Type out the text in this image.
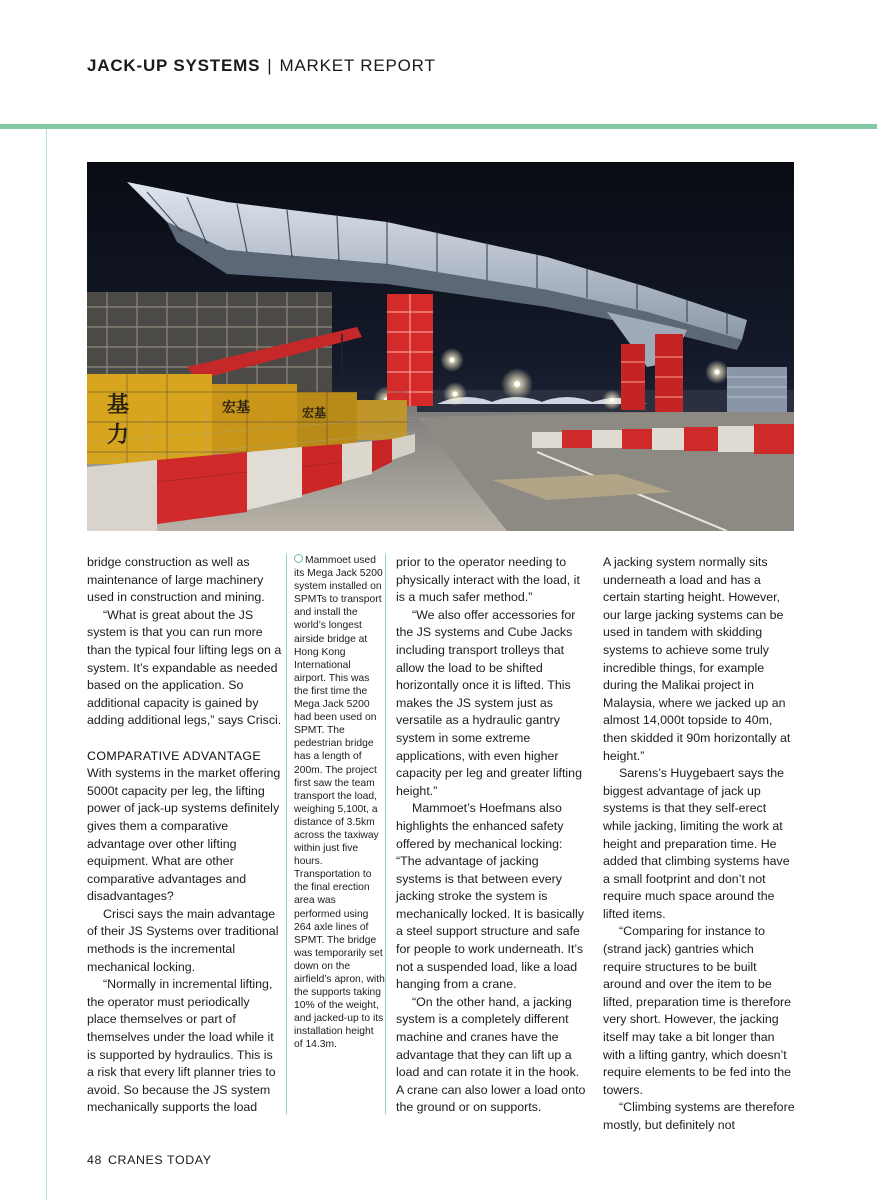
JACK-UP SYSTEMS | MARKET REPORT
基
力
宏基	宏基

bridge construction as well as maintenance of large machinery used in construction and mining.

“What is great about the JS system is that you can run more than the typical four lifting legs on a system. It’s expandable as needed based on the application. So additional capacity is gained by adding additional legs,” says Crisci.

COMPARATIVE ADVANTAGE

With systems in the market offering 5000t capacity per leg, the lifting power of jack-up systems definitely gives them a comparative advantage over other lifting equipment. What are other comparative advantages and disadvantages?

Crisci says the main advantage of their JS Systems over traditional methods is the incremental mechanical locking.

“Normally in incremental lifting, the operator must periodically place themselves or part of themselves under the load while it is supported by hydraulics. This is a risk that every lift planner tries to avoid. So because the JS system mechanically supports the load

Mammoet used its Mega Jack 5200 system installed on SPMTs to transport and install the world’s longest airside bridge at Hong Kong International airport. This was the first time the Mega Jack 5200 had been used on SPMT. The pedestrian bridge has a length of 200m. The project first saw the team transport the load, weighing 5,100t, a distance of 3.5km across the taxiway within just five hours. Transportation to the final erection area was performed using 264 axle lines of SPMT. The bridge was temporarily set down on the airfield’s apron, with the supports taking 10% of the weight, and jacked-up to its installation height of 14.3m.

prior to the operator needing to physically interact with the load, it is a much safer method.”

“We also offer accessories for the JS systems and Cube Jacks including transport trolleys that allow the load to be shifted horizontally once it is lifted. This makes the JS system just as versatile as a hydraulic gantry system in some extreme applications, with even higher capacity per leg and greater lifting height.”

Mammoet’s Hoefmans also highlights the enhanced safety offered by mechanical locking: “The advantage of jacking systems is that between every jacking stroke the system is mechanically locked. It is basically a steel support structure and safe for people to work underneath. It’s not a suspended load, like a load hanging from a crane.

“On the other hand, a jacking system is a completely different machine and cranes have the advantage that they can lift up a load and can rotate it in the hook. A crane can also lower a load onto the ground or on supports.

A jacking system normally sits underneath a load and has a certain starting height. However, our large jacking systems can be used in tandem with skidding systems to achieve some truly incredible things, for example during the Malikai project in Malaysia, where we jacked up an almost 14,000t topside to 40m, then skidded it 90m horizontally at height.”

Sarens’s Huygebaert says the biggest advantage of jack up systems is that they self-erect while jacking, limiting the work at height and preparation time. He added that climbing systems have a small footprint and don’t not require much space around the lifted items.

“Comparing for instance to (strand jack) gantries which require structures to be built around and over the item to be lifted, preparation time is therefore very short. However, the jacking itself may take a bit longer than with a lifting gantry, which doesn’t require elements to be fed into the towers.

“Climbing systems are therefore mostly, but definitely not

48 CRANES TODAY
